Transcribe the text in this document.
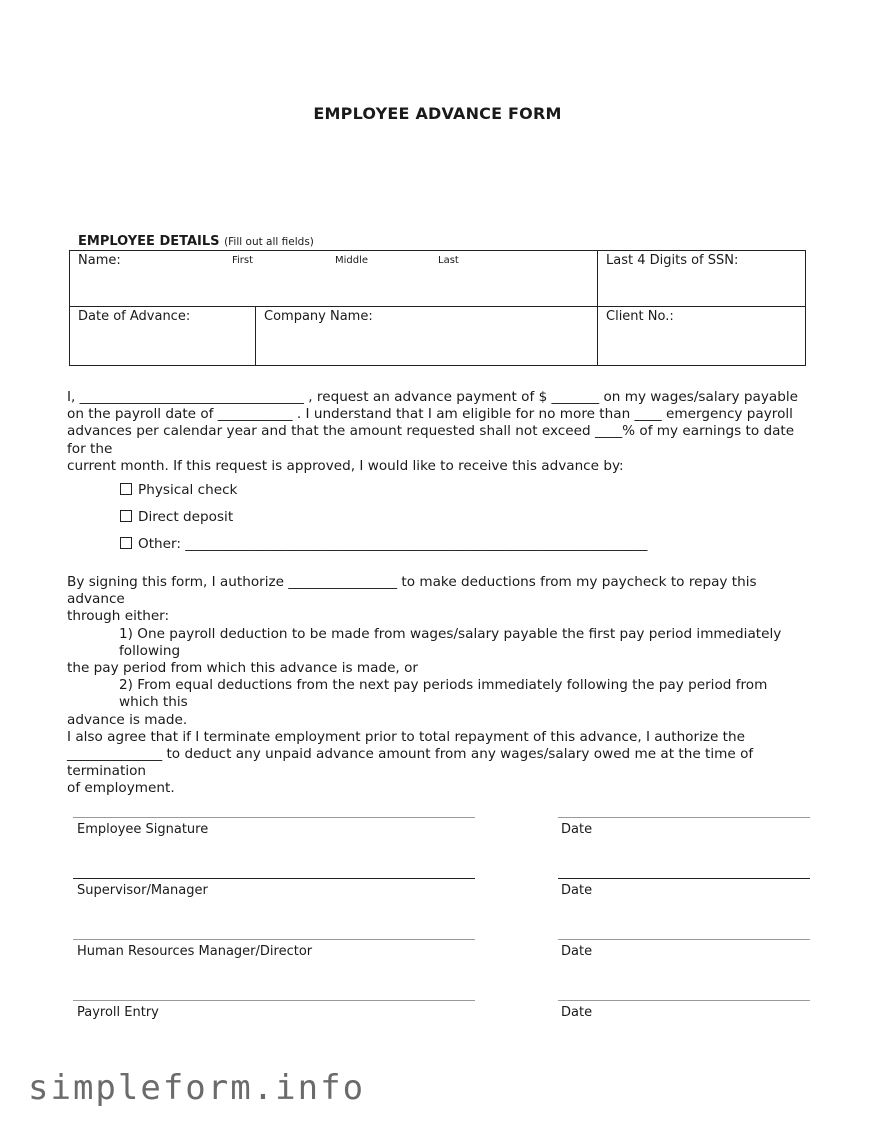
EMPLOYEE ADVANCE FORM
EMPLOYEE DETAILS (Fill out all fields)
Name:	First	Middle	Last	Last 4 Digits of SSN:
Date of Advance:	Company Name:	Client No.:

I, _________________________________ , request an advance payment of $ _______ on my wages/salary payable

on the payroll date of ___________ . I understand that I am eligible for no more than ____ emergency payroll

advances per calendar year and that the amount requested shall not exceed ____% of my earnings to date for the

current month. If this request is approved, I would like to receive this advance by:

Physical check
Direct deposit
Other: ____________________________________________________________________

By signing this form, I authorize ________________ to make deductions from my paycheck to repay this advance

through either:

1) One payroll deduction to be made from wages/salary payable the first pay period immediately following

the pay period from which this advance is made, or

2) From equal deductions from the next pay periods immediately following the pay period from which this

advance is made.

I also agree that if I terminate employment prior to total repayment of this advance, I authorize the

______________ to deduct any unpaid advance amount from any wages/salary owed me at the time of termination

of employment.

Employee Signature	Date
Supervisor/Manager	Date
Human Resources Manager/Director	Date
Payroll Entry	Date
simpleform.info
